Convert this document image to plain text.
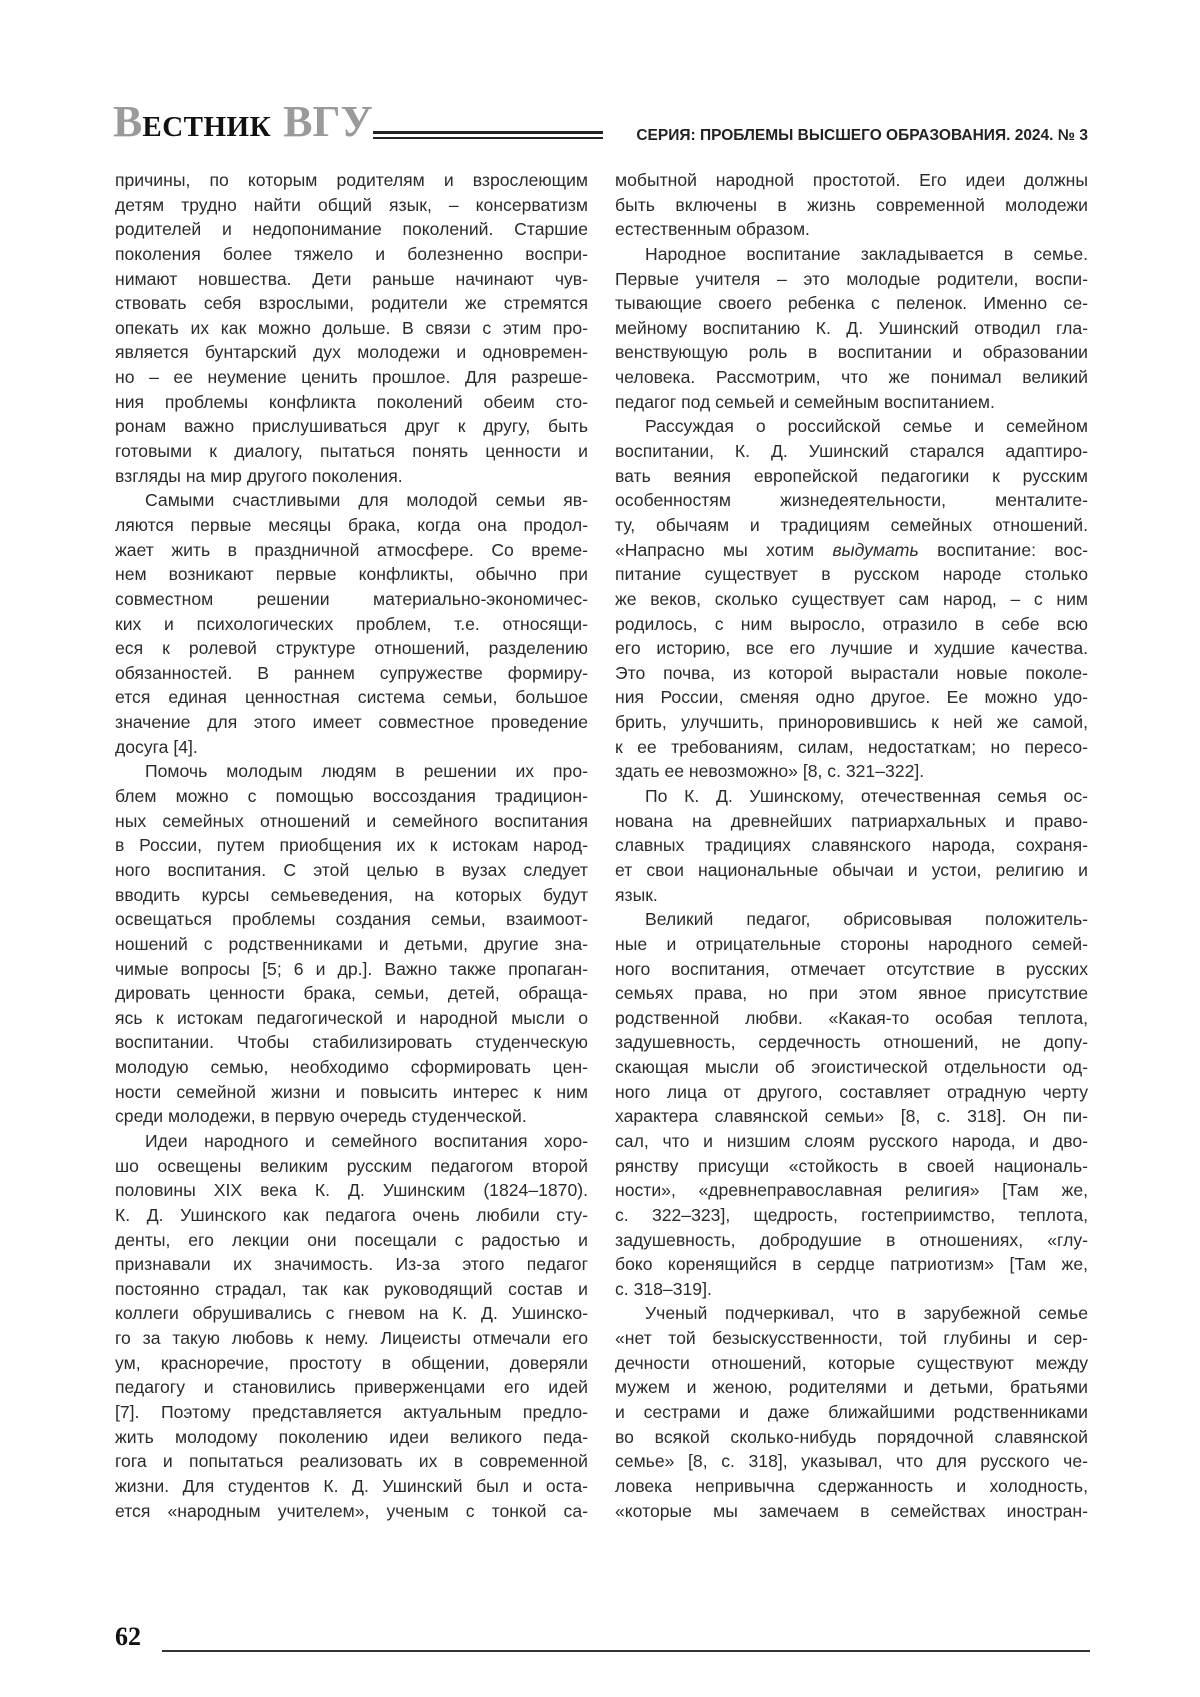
В ЕСТНИК ВГУ	СЕРИЯ: ПРОБЛЕМЫ ВЫСШЕГО ОБРАЗОВАНИЯ. 2024. № 3
причины, по которым родителям и взрослеющим
детям трудно найти общий язык, – консерватизм
родителей и недопонимание поколений. Старшие
поколения более тяжело и болезненно воспри-
нимают новшества. Дети раньше начинают чув-
ствовать себя взрослыми, родители же стремятся
опекать их как можно дольше. В связи с этим про-
является бунтарский дух молодежи и одновремен-
но – ее неумение ценить прошлое. Для разреше-
ния проблемы конфликта поколений обеим сто-
ронам важно прислушиваться друг к другу, быть
готовыми к диалогу, пытаться понять ценности и
взгляды на мир другого поколения.
Самыми счастливыми для молодой семьи яв-
ляются первые месяцы брака, когда она продол-
жает жить в праздничной атмосфере. Со време-
нем возникают первые конфликты, обычно при
совместном решении материально-экономичес-
ких и психологических проблем, т.е. относящи-
еся к ролевой структуре отношений, разделению
обязанностей. В раннем супружестве формиру-
ется единая ценностная система семьи, большое
значение для этого имеет совместное проведение
досуга [4].
Помочь молодым людям в решении их про-
блем можно с помощью воссоздания традицион-
ных семейных отношений и семейного воспитания
в России, путем приобщения их к истокам народ-
ного воспитания. С этой целью в вузах следует
вводить курсы семьеведения, на которых будут
освещаться проблемы создания семьи, взаимоот-
ношений с родственниками и детьми, другие зна-
чимые вопросы [5; 6 и др.]. Важно также пропаган-
дировать ценности брака, семьи, детей, обраща-
ясь к истокам педагогической и народной мысли о
воспитании. Чтобы стабилизировать студенческую
молодую семью, необходимо сформировать цен-
ности семейной жизни и повысить интерес к ним
среди молодежи, в первую очередь студенческой.
Идеи народного и семейного воспитания хоро-
шо освещены великим русским педагогом второй
половины XIX века К. Д. Ушинским (1824–1870).
К. Д. Ушинского как педагога очень любили сту-
денты, его лекции они посещали с радостью и
признавали их значимость. Из-за этого педагог
постоянно страдал, так как руководящий состав и
коллеги обрушивались с гневом на К. Д. Ушинско-
го за такую любовь к нему. Лицеисты отмечали его
ум, красноречие, простоту в общении, доверяли
педагогу и становились приверженцами его идей
[7]. Поэтому представляется актуальным предло-
жить молодому поколению идеи великого педа-
гога и попытаться реализовать их в современной
жизни. Для студентов К. Д. Ушинский был и оста-
ется «народным учителем», ученым с тонкой са-
мобытной народной простотой. Его идеи должны
быть включены в жизнь современной молодежи
естественным образом.
Народное воспитание закладывается в семье.
Первые учителя – это молодые родители, воспи-
тывающие своего ребенка с пеленок. Именно се-
мейному воспитанию К. Д. Ушинский отводил гла-
венствующую роль в воспитании и образовании
человека. Рассмотрим, что же понимал великий
педагог под семьей и семейным воспитанием.
Рассуждая о российской семье и семейном
воспитании, К. Д. Ушинский старался адаптиро-
вать веяния европейской педагогики к русским
особенностям жизнедеятельности, менталите-
ту, обычаям и традициям семейных отношений.
«Напрасно мы хотим выдумать воспитание: вос-
питание существует в русском народе столько
же веков, сколько существует сам народ, – с ним
родилось, с ним выросло, отразило в себе всю
его историю, все его лучшие и худшие качества.
Это почва, из которой вырастали новые поколе-
ния России, сменяя одно другое. Ее можно удо-
брить, улучшить, приноровившись к ней же самой,
к ее требованиям, силам, недостаткам; но пересо-
здать ее невозможно» [8, с. 321–322].
По К. Д. Ушинскому, отечественная семья ос-
нована на древнейших патриархальных и право-
славных традициях славянского народа, сохраня-
ет свои национальные обычаи и устои, религию и
язык.
Великий педагог, обрисовывая положитель-
ные и отрицательные стороны народного семей-
ного воспитания, отмечает отсутствие в русских
семьях права, но при этом явное присутствие
родственной любви. «Какая-то особая теплота,
задушевность, сердечность отношений, не допу-
скающая мысли об эгоистической отдельности од-
ного лица от другого, составляет отрадную черту
характера славянской семьи» [8, с. 318]. Он пи-
сал, что и низшим слоям русского народа, и дво-
рянству присущи «стойкость в своей националь-
ности», «древнеправославная религия» [Там же,
с. 322–323], щедрость, гостеприимство, теплота,
задушевность, добродушие в отношениях, «глу-
боко коренящийся в сердце патриотизм» [Там же,
с. 318–319].
Ученый подчеркивал, что в зарубежной семье
«нет той безыскусственности, той глубины и сер-
дечности отношений, которые существуют между
мужем и женою, родителями и детьми, братьями
и сестрами и даже ближайшими родственниками
во всякой сколько-нибудь порядочной славянской
семье» [8, с. 318], указывал, что для русского че-
ловека непривычна сдержанность и холодность,
«которые мы замечаем в семействах иностран-
62
